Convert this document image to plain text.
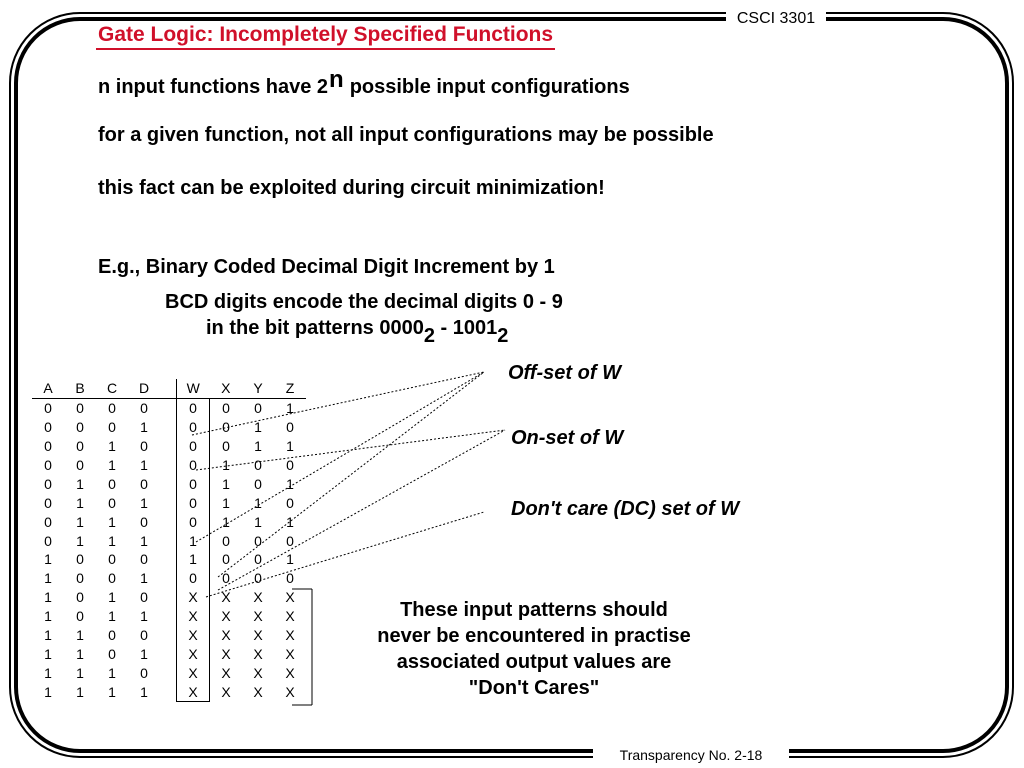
CSCI 3301
Gate Logic: Incompletely Specified Functions
n input functions have 2$^n$ possible input configurations
for a given function, not all input configurations may be possible
this fact can be exploited during circuit minimization!
E.g., Binary Coded Decimal Digit Increment by 1
BCD digits encode the decimal digits 0 - 9
in the bit patterns $0000_2 - 1001_2$
Off-set of W
On-set of W
Don't care (DC) set of W
A	B	C	D		W	X	Y	Z
0	0	0	0		0	0	0	1
0	0	0	1		0	0	1	0
0	0	1	0		0	0	1	1
0	0	1	1		0	1	0	0
0	1	0	0		0	1	0	1
0	1	0	1		0	1	1	0
0	1	1	0		0	1	1	1
0	1	1	1		1	0	0	0
1	0	0	0		1	0	0	1
1	0	0	1		0	0	0	0
1	0	1	0		X	X	X	X
1	0	1	1		X	X	X	X
1	1	0	0		X	X	X	X
1	1	0	1		X	X	X	X
1	1	1	0		X	X	X	X
1	1	1	1		X	X	X	X
These input patterns should
never be encountered in practise
associated output values are
"Don't Cares"
Transparency No. 2-18
